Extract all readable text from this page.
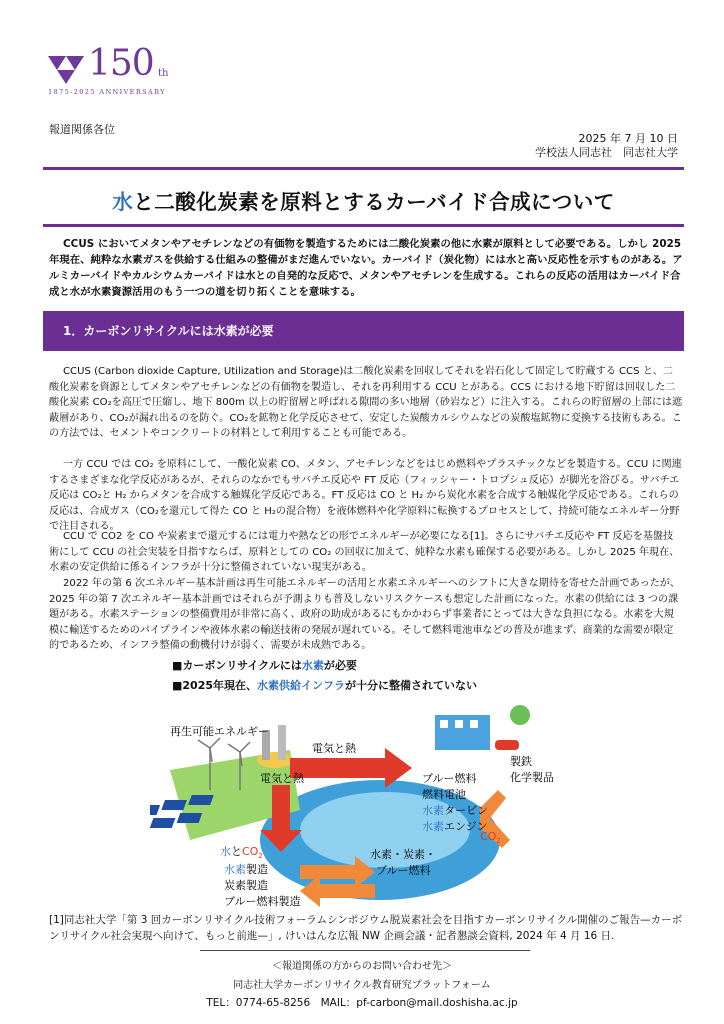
150 th
1875-2025 ANNIVERSARY
報道関係各位
2025 年 7 月 10 日
学校法人同志社　同志社大学
水と二酸化炭素を原料とするカーバイド合成について
CCUS においてメタンやアセチレンなどの有価物を製造するためには二酸化炭素の他に水素が原料として必要である。しかし 2025 年現在、純粋な水素ガスを供給する仕組みの整備がまだ進んでいない。カーバイド（炭化物）には水と高い反応性を示すものがある。アルミカーバイドやカルシウムカーバイドは水との自発的な反応で、メタンやアセチレンを生成する。これらの反応の活用はカーバイド合成と水が水素資源活用のもう一つの道を切り拓くことを意味する。
1．カーボンリサイクルには水素が必要
CCUS (Carbon dioxide Capture, Utilization and Storage)は二酸化炭素を回収してそれを岩石化して固定して貯蔵する CCS と、二酸化炭素を資源としてメタンやアセチレンなどの有価物を製造し、それを再利用する CCU とがある。CCS における地下貯留は回収した二酸化炭素 CO₂を高圧で圧縮し、地下 800m 以上の貯留層と呼ばれる隙間の多い地層（砂岩など）に注入する。これらの貯留層の上部には遮蔽層があり、CO₂が漏れ出るのを防ぐ。CO₂を鉱物と化学反応させて、安定した炭酸カルシウムなどの炭酸塩鉱物に変換する技術もある。この方法では、セメントやコンクリートの材料として利用することも可能である。
一方 CCU では CO₂ を原料にして、一酸化炭素 CO、メタン、アセチレンなどをはじめ燃料やプラスチックなどを製造する。CCU に関連するさまざまな化学反応があるが、それらのなかでもサバチエ反応や FT 反応（フィッシャー・トロプシュ反応）が脚光を浴びる。サバチエ反応は CO₂と H₂ からメタンを合成する触媒化学反応である。FT 反応は CO と H₂ から炭化水素を合成する触媒化学反応である。これらの反応は、合成ガス（CO₂を還元して得た CO と H₂の混合物）を液体燃料や化学原料に転換するプロセスとして、持続可能なエネルギー分野で注目される。
CCU で CO2 を CO や炭素まで還元するには電力や熱などの形でエネルギーが必要になる[1]。さらにサバチエ反応や FT 反応を基盤技術にして CCU の社会実装を目指すならば、原料としての CO₂ の回収に加えて、純粋な水素も確保する必要がある。しかし 2025 年現在、水素の安定供給に係るインフラが十分に整備されていない現実がある。
2022 年の第 6 次エネルギー基本計画は再生可能エネルギーの活用と水素エネルギーへのシフトに大きな期待を寄せた計画であったが、2025 年の第 7 次エネルギー基本計画ではそれらが予測よりも普及しないリスクケースも想定した計画になった。水素の供給には 3 つの課題がある。水素ステーションの整備費用が非常に高く、政府の助成があるにもかかわらず事業者にとっては大きな負担になる。水素を大規模に輸送するためのパイプラインや液体水素の輸送技術の発展が遅れている。そして燃料電池車などの普及が進まず、商業的な需要が限定的であるため、インフラ整備の動機付けが弱く、需要が未成熟である。
■カーボンリサイクルには水素が必要
■2025年現在、水素供給インフラが十分に整備されていない
再生可能エネルギー
電気と熱
電気と熱	ブルー燃料
燃料電池
水素タービン
水素エンジン
製鉄
化学製品
$CO_2$
水と$CO_2$
水素製造
炭素製造
ブルー燃料製造
水素・炭素・
ブルー燃料
[1]同志社大学「第 3 回カーボンリサイクル技術フォーラムシンポジウム脱炭素社会を目指すカーボンリサイクル開催のご報告—カーボンリサイクル社会実現へ向けて、もっと前進—」, けいはんな広報 NW 企画会議・記者懇談会資料, 2024 年 4 月 16 日.
＜報道関係の方からのお問い合わせ先＞
同志社大学カーボンリサイクル教育研究プラットフォーム
TEL：0774-65-8256　MAIL：pf-carbon@mail.doshisha.ac.jp
